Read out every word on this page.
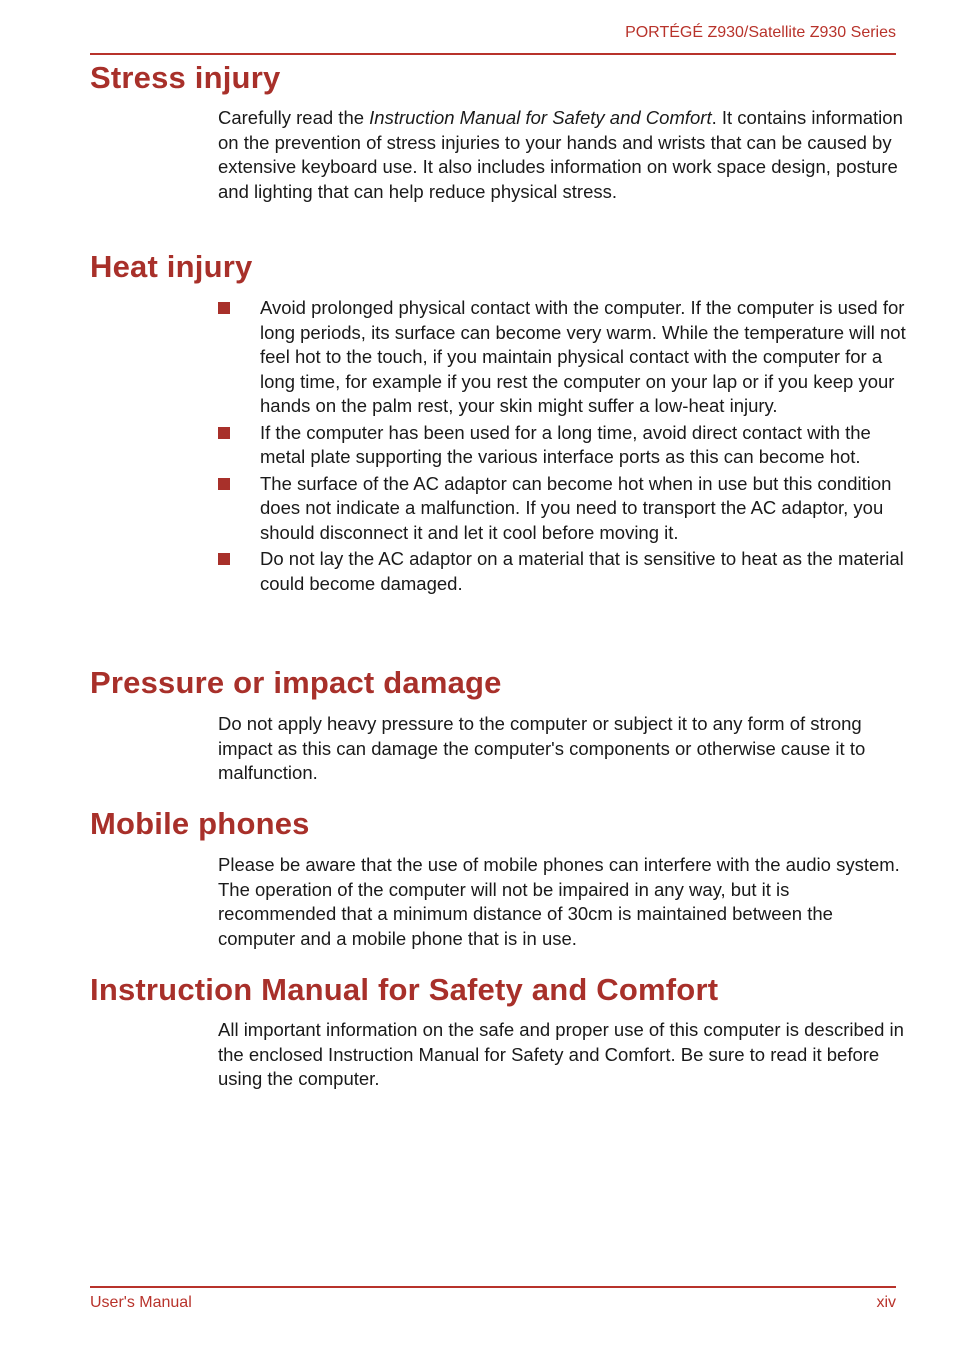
PORTÉGÉ Z930/Satellite Z930 Series
Stress injury

Carefully read the Instruction Manual for Safety and Comfort. It contains information on the prevention of stress injuries to your hands and wrists that can be caused by extensive keyboard use. It also includes information on work space design, posture and lighting that can help reduce physical stress.

Heat injury
Avoid prolonged physical contact with the computer. If the computer is used for long periods, its surface can become very warm. While the temperature will not feel hot to the touch, if you maintain physical contact with the computer for a long time, for example if you rest the computer on your lap or if you keep your hands on the palm rest, your skin might suffer a low-heat injury.
If the computer has been used for a long time, avoid direct contact with the metal plate supporting the various interface ports as this can become hot.
The surface of the AC adaptor can become hot when in use but this condition does not indicate a malfunction. If you need to transport the AC adaptor, you should disconnect it and let it cool before moving it.
Do not lay the AC adaptor on a material that is sensitive to heat as the material could become damaged.
Pressure or impact damage

Do not apply heavy pressure to the computer or subject it to any form of strong impact as this can damage the computer's components or otherwise cause it to malfunction.

Mobile phones

Please be aware that the use of mobile phones can interfere with the audio system. The operation of the computer will not be impaired in any way, but it is recommended that a minimum distance of 30cm is maintained between the computer and a mobile phone that is in use.

Instruction Manual for Safety and Comfort

All important information on the safe and proper use of this computer is described in the enclosed Instruction Manual for Safety and Comfort. Be sure to read it before using the computer.

User's Manual	xiv
